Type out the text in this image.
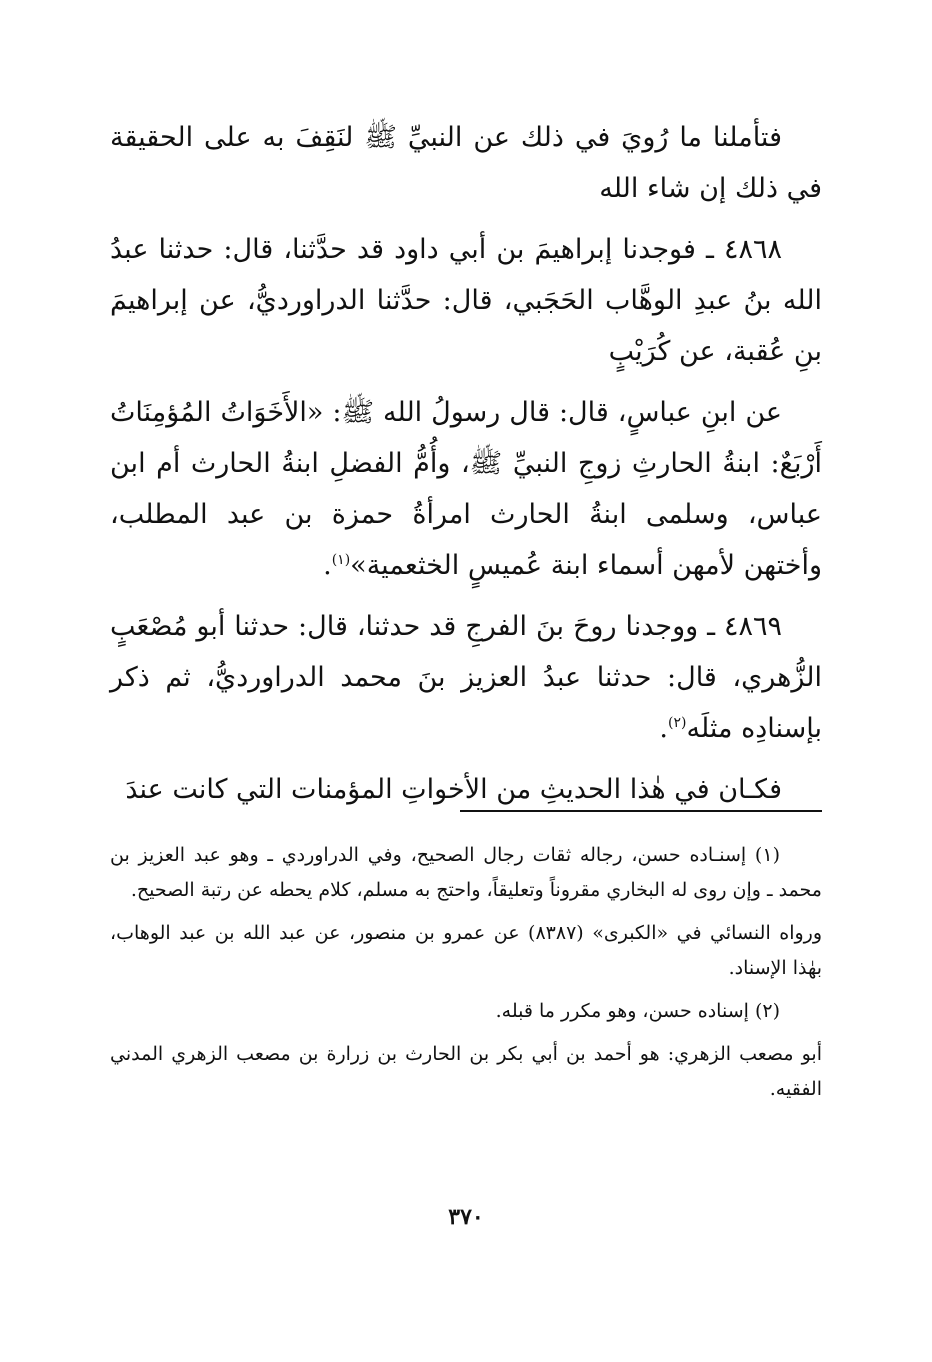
فتأملنا ما رُويَ في ذلك عن النبيِّ ﷺ لنَقِفَ به على الحقيقة في ذلك إن شاء الله

٤٨٦٨ ـ فوجدنا إبراهيمَ بن أبي داود قد حدَّثنا، قال: حدثنا عبدُ الله بنُ عبدِ الوهَّاب الحَجَبي، قال: حدَّثنا الدراورديُّ، عن إبراهيمَ بنِ عُقبة، عن كُرَيْبٍ

عن ابنِ عباسٍ، قال: قال رسولُ الله ﷺ: «الأَخَوَاتُ المُؤمِنَاتُ أَرْبَعٌ: ابنةُ الحارثِ زوجِ النبيِّ ﷺ، وأُمُّ الفضلِ ابنةُ الحارث أم ابن عباس، وسلمى ابنةُ الحارث امرأةُ حمزة بن عبد المطلب، وأختهن لأمهن أسماء ابنة عُميسٍ الخثعمية»$^{(١)}$.

٤٨٦٩ ـ ووجدنا روحَ بنَ الفرجِ قد حدثنا، قال: حدثنا أبو مُصْعَبٍ الزُّهري، قال: حدثنا عبدُ العزيز بنَ محمد الدراورديُّ، ثم ذكر بإسنادِه مثلَه$^{(٢)}$.

فكـان في هٰذا الحديثِ من الأخواتِ المؤمنات التي كانت عندَ

(١) إسنـاده حسن، رجاله ثقات رجال الصحيح، وفي الدراوردي ـ وهو عبد العزيز بن محمد ـ وإن روى له البخاري مقروناً وتعليقاً، واحتج به مسلم، كلام يحطه عن رتبة الصحيح.

ورواه النسائي في «الكبرى» (٨٣٨٧) عن عمرو بن منصور، عن عبد الله بن عبد الوهاب، بهٰذا الإسناد.

(٢) إسناده حسن، وهو مكرر ما قبله.

أبو مصعب الزهري: هو أحمد بن أبي بكر بن الحارث بن زرارة بن مصعب الزهري المدني الفقيه.

٣٧٠
